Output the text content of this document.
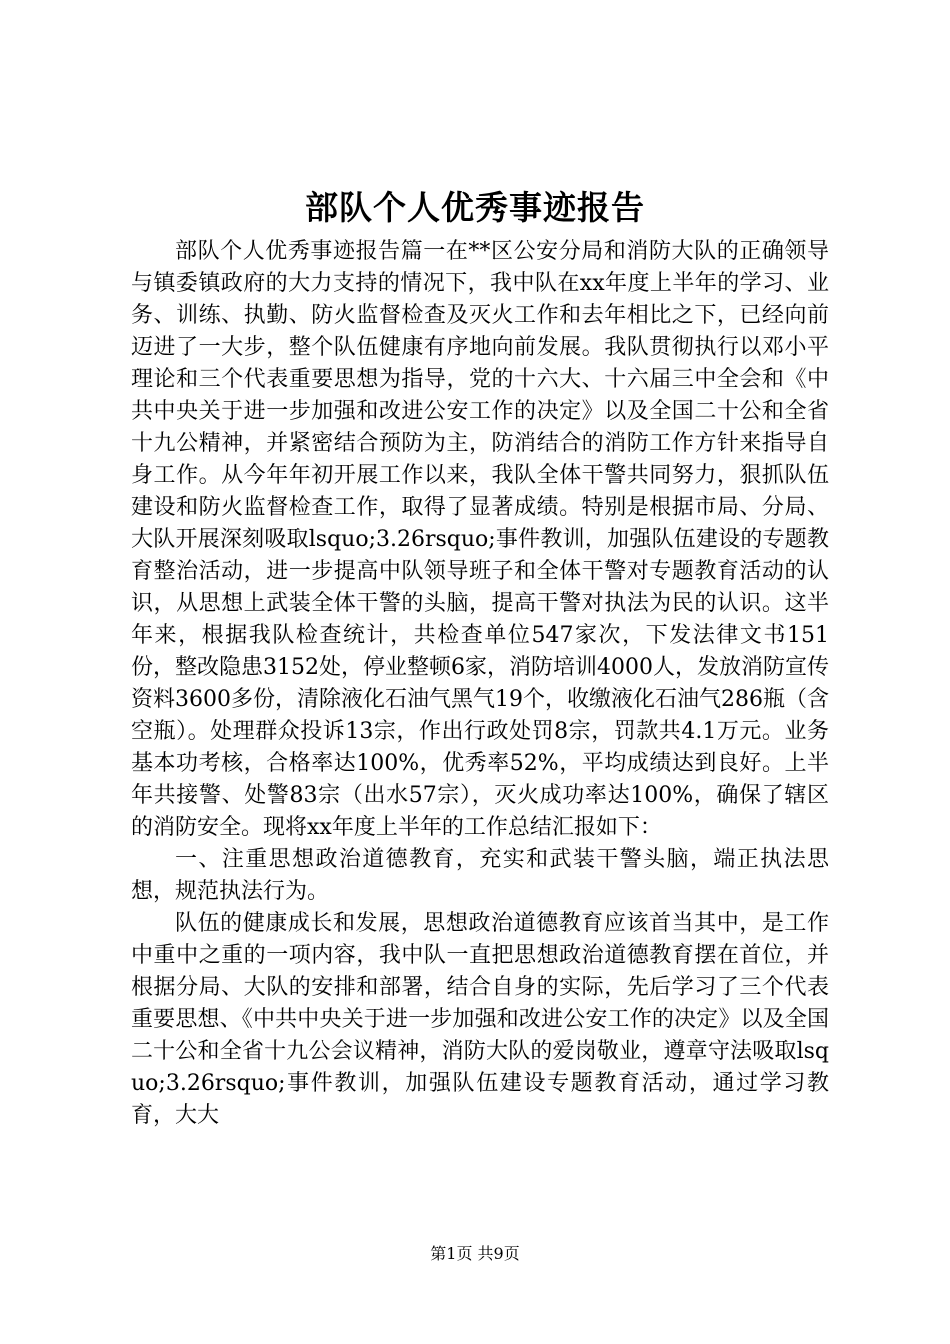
部队个人优秀事迹报告

部队个人优秀事迹报告篇一在**区公安分局和消防大队的正确领导与镇委镇政府的大力支持的情况下，我中队在xx年度上半年的学习、业务、训练、执勤、防火监督检查及灭火工作和去年相比之下，已经向前迈进了一大步，整个队伍健康有序地向前发展。我队贯彻执行以邓小平理论和三个代表重要思想为指导，党的十六大、十六届三中全会和《中共中央关于进一步加强和改进公安工作的决定》以及全国二十公和全省十九公精神，并紧密结合预防为主，防消结合的消防工作方针来指导自身工作。从今年年初开展工作以来，我队全体干警共同努力，狠抓队伍建设和防火监督检查工作，取得了显著成绩。特别是根据市局、分局、大队开展深刻吸取lsquo;3.26rsquo;事件教训，加强队伍建设的专题教育整治活动，进一步提高中队领导班子和全体干警对专题教育活动的认识，从思想上武装全体干警的头脑，提高干警对执法为民的认识。这半年来，根据我队检查统计，共检查单位547家次，下发法律文书151份，整改隐患3152处，停业整顿6家，消防培训4000人，发放消防宣传资料3600多份，清除液化石油气黑气19个，收缴液化石油气286瓶（含空瓶）。处理群众投诉13宗，作出行政处罚8宗，罚款共4.1万元。业务基本功考核，合格率达100%，优秀率52%，平均成绩达到良好。上半年共接警、处警83宗（出水57宗），灭火成功率达100%，确保了辖区的消防安全。现将xx年度上半年的工作总结汇报如下：

一、注重思想政治道德教育，充实和武装干警头脑，端正执法思想，规范执法行为。

队伍的健康成长和发展，思想政治道德教育应该首当其中，是工作中重中之重的一项内容，我中队一直把思想政治道德教育摆在首位，并根据分局、大队的安排和部署，结合自身的实际，先后学习了三个代表重要思想、《中共中央关于进一步加强和改进公安工作的决定》以及全国二十公和全省十九公会议精神，消防大队的爱岗敬业，遵章守法吸取lsquo;3.26rsquo;事件教训，加强队伍建设专题教育活动，通过学习教育，大大

第1页 共9页
